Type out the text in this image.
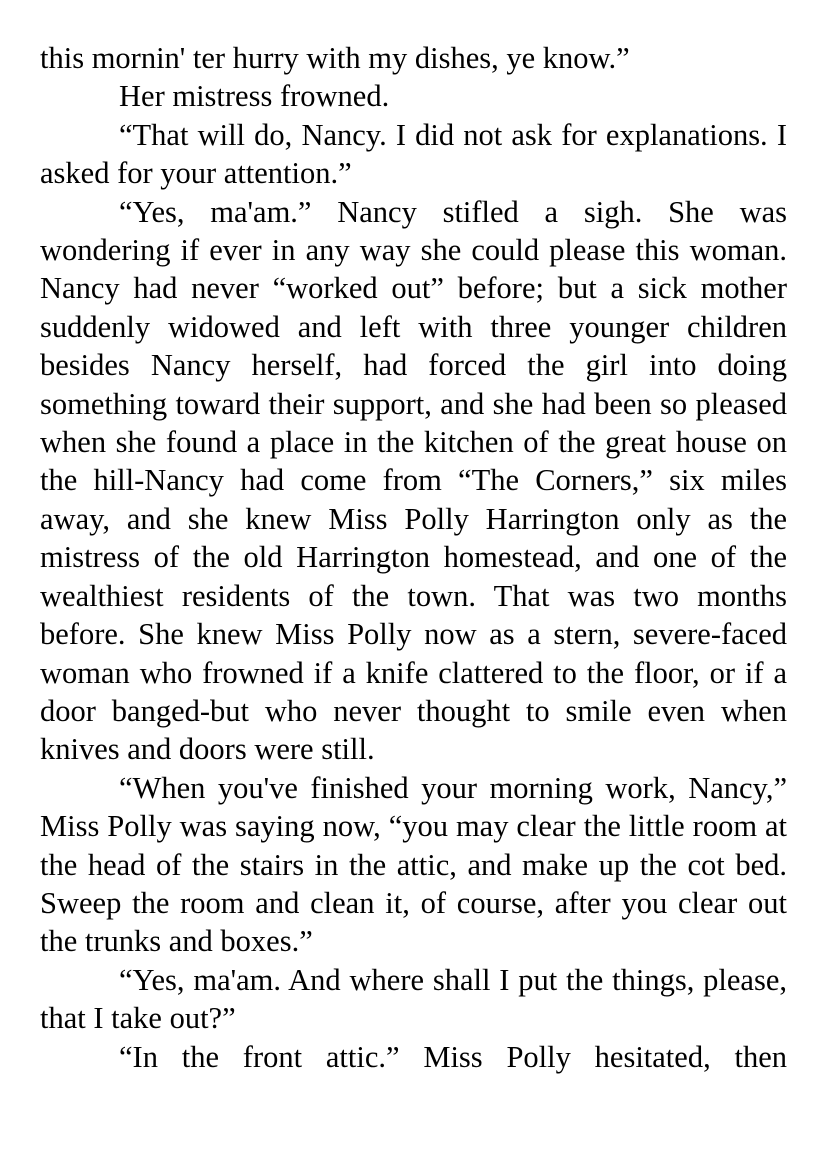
this mornin' ter hurry with my dishes, ye know.”

Her mistress frowned.

“That will do, Nancy. I did not ask for explanations. I asked for your attention.”

“Yes, ma'am.” Nancy stifled a sigh. She was wondering if ever in any way she could please this woman. Nancy had never “worked out” before; but a sick mother suddenly widowed and left with three younger children besides Nancy herself, had forced the girl into doing something toward their support, and she had been so pleased when she found a place in the kitchen of the great house on the hill-Nancy had come from “The Corners,” six miles away, and she knew Miss Polly Harrington only as the mistress of the old Harrington homestead, and one of the wealthiest residents of the town. That was two months before. She knew Miss Polly now as a stern, severe-faced woman who frowned if a knife clattered to the floor, or if a door banged-but who never thought to smile even when knives and doors were still.

“When you've finished your morning work, Nancy,” Miss Polly was saying now, “you may clear the little room at the head of the stairs in the attic, and make up the cot bed. Sweep the room and clean it, of course, after you clear out the trunks and boxes.”

“Yes, ma'am. And where shall I put the things, please, that I take out?”

“In the front attic.” Miss Polly hesitated, then
